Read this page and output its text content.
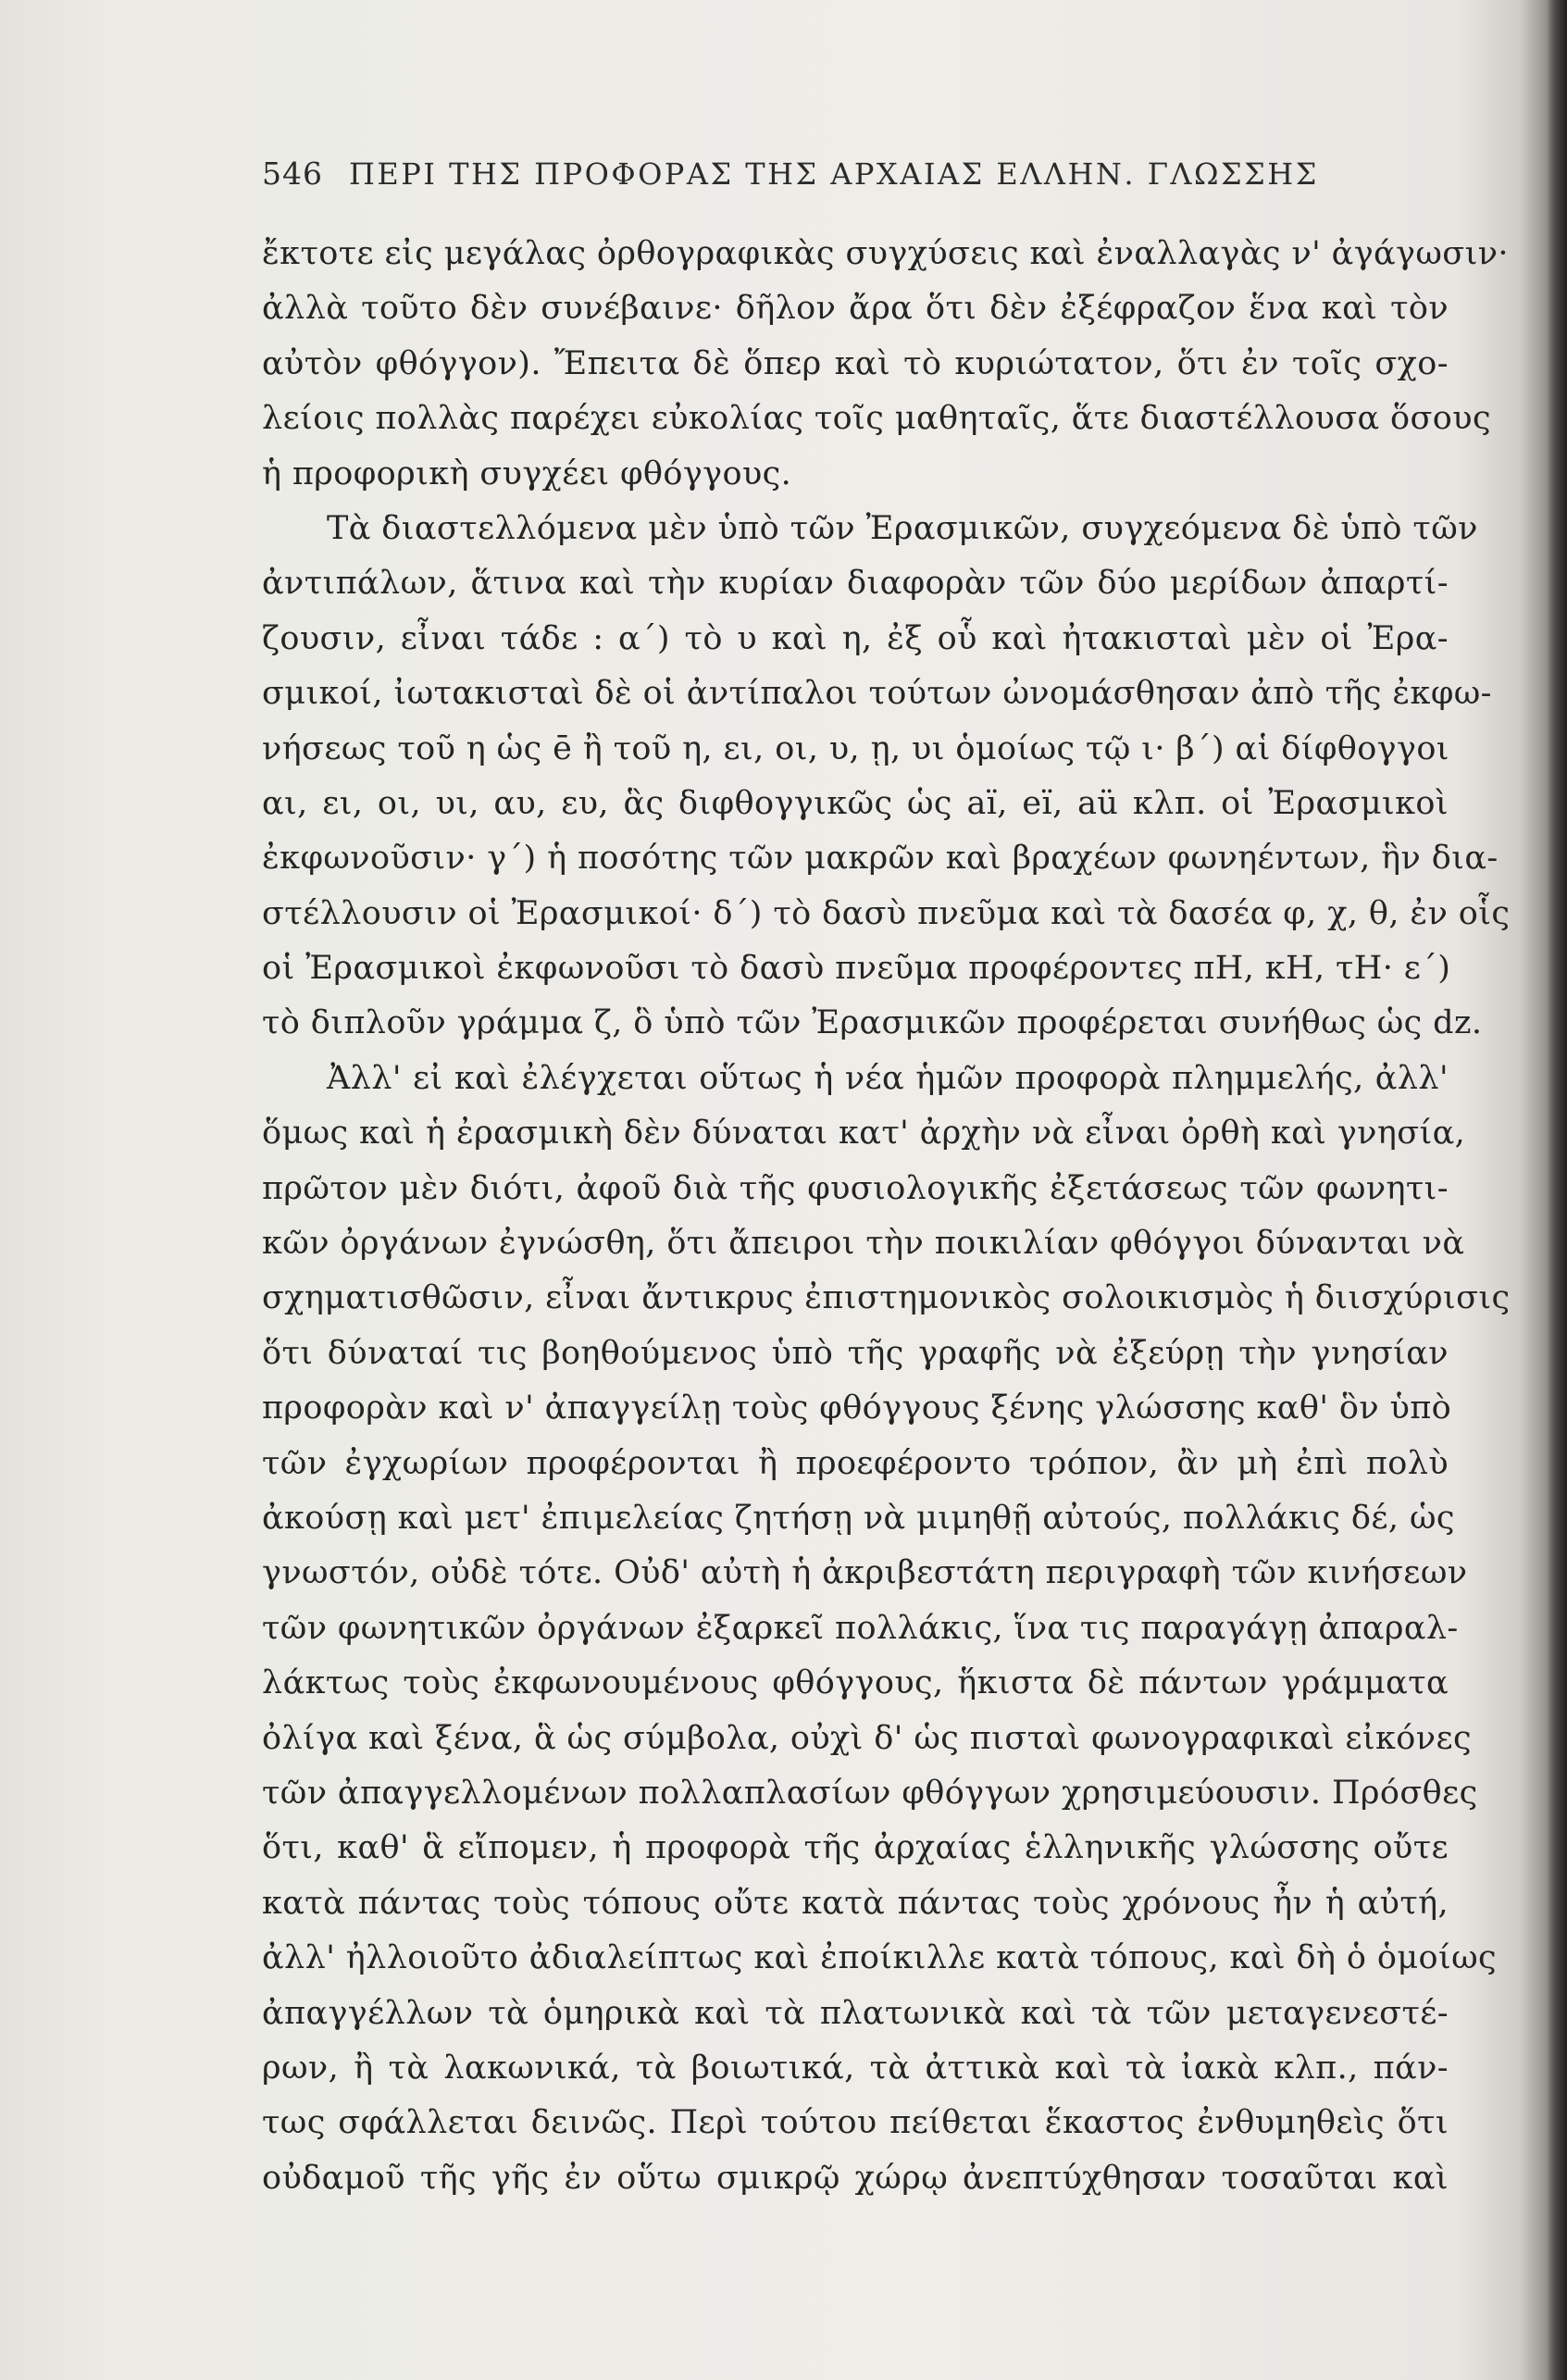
546 ΠΕΡΙ ΤΗΣ ΠΡΟΦΟΡΑΣ ΤΗΣ ΑΡΧΑΙΑΣ ΕΛΛΗΝ. ΓΛΩΣΣΗΣ
ἔκτοτε εἰς μεγάλας ὀρθογραφικὰς συγχύσεις καὶ ἐναλλαγὰς ν' ἀγάγωσιν·
ἀλλὰ τοῦτο δὲν συνέβαινε· δῆλον ἄρα ὅτι δὲν ἐξέφραζον ἕνα καὶ τὸν
αὐτὸν φθόγγον). Ἔπειτα δὲ ὅπερ καὶ τὸ κυριώτατον, ὅτι ἐν τοῖς σχο-
λείοις πολλὰς παρέχει εὐκολίας τοῖς μαθηταῖς, ἅτε διαστέλλουσα ὅσους
ἡ προφορικὴ συγχέει φθόγγους.
Τὰ διαστελλόμενα μὲν ὑπὸ τῶν Ἐρασμικῶν, συγχεόμενα δὲ ὑπὸ τῶν
ἀντιπάλων, ἅτινα καὶ τὴν κυρίαν διαφορὰν τῶν δύο μερίδων ἀπαρτί-
ζουσιν, εἶναι τάδε : α΄) τὸ υ καὶ η, ἐξ οὗ καὶ ἠτακισταὶ μὲν οἱ Ἐρα-
σμικοί, ἰωτακισταὶ δὲ οἱ ἀντίπαλοι τούτων ὠνομάσθησαν ἀπὸ τῆς ἐκφω-
νήσεως τοῦ η ὡς ē ἢ τοῦ η, ει, οι, υ, ῃ, υι ὁμοίως τῷ ι· β΄) αἱ δίφθογγοι
αι, ει, οι, υι, αυ, ευ, ἃς διφθογγικῶς ὡς aï, eï, aü κλπ. οἱ Ἐρασμικοὶ
ἐκφωνοῦσιν· γ΄) ἡ ποσότης τῶν μακρῶν καὶ βραχέων φωνηέντων, ἣν δια-
στέλλουσιν οἱ Ἐρασμικοί· δ΄) τὸ δασὺ πνεῦμα καὶ τὰ δασέα φ, χ, θ, ἐν οἷς
οἱ Ἐρασμικοὶ ἐκφωνοῦσι τὸ δασὺ πνεῦμα προφέροντες πΗ, κΗ, τΗ· ε΄)
τὸ διπλοῦν γράμμα ζ, ὃ ὑπὸ τῶν Ἐρασμικῶν προφέρεται συνήθως ὡς dz.
Ἀλλ' εἰ καὶ ἐλέγχεται οὕτως ἡ νέα ἡμῶν προφορὰ πλημμελής, ἀλλ'
ὅμως καὶ ἡ ἐρασμικὴ δὲν δύναται κατ' ἀρχὴν νὰ εἶναι ὀρθὴ καὶ γνησία,
πρῶτον μὲν διότι, ἀφοῦ διὰ τῆς φυσιολογικῆς ἐξετάσεως τῶν φωνητι-
κῶν ὀργάνων ἐγνώσθη, ὅτι ἄπειροι τὴν ποικιλίαν φθόγγοι δύνανται νὰ
σχηματισθῶσιν, εἶναι ἄντικρυς ἐπιστημονικὸς σολοικισμὸς ἡ διισχύρισις
ὅτι δύναταί τις βοηθούμενος ὑπὸ τῆς γραφῆς νὰ ἐξεύρῃ τὴν γνησίαν
προφορὰν καὶ ν' ἀπαγγείλῃ τοὺς φθόγγους ξένης γλώσσης καθ' ὃν ὑπὸ
τῶν ἐγχωρίων προφέρονται ἢ προεφέροντο τρόπον, ἂν μὴ ἐπὶ πολὺ
ἀκούσῃ καὶ μετ' ἐπιμελείας ζητήσῃ νὰ μιμηθῇ αὐτούς, πολλάκις δέ, ὡς
γνωστόν, οὐδὲ τότε. Οὐδ' αὐτὴ ἡ ἀκριβεστάτη περιγραφὴ τῶν κινήσεων
τῶν φωνητικῶν ὀργάνων ἐξαρκεῖ πολλάκις, ἵνα τις παραγάγῃ ἀπαραλ-
λάκτως τοὺς ἐκφωνουμένους φθόγγους, ἥκιστα δὲ πάντων γράμματα
ὀλίγα καὶ ξένα, ἃ ὡς σύμβολα, οὐχὶ δ' ὡς πισταὶ φωνογραφικαὶ εἰκόνες
τῶν ἀπαγγελλομένων πολλαπλασίων φθόγγων χρησιμεύουσιν. Πρόσθες
ὅτι, καθ' ἃ εἴπομεν, ἡ προφορὰ τῆς ἀρχαίας ἑλληνικῆς γλώσσης οὔτε
κατὰ πάντας τοὺς τόπους οὔτε κατὰ πάντας τοὺς χρόνους ἦν ἡ αὐτή,
ἀλλ' ἠλλοιοῦτο ἀδιαλείπτως καὶ ἐποίκιλλε κατὰ τόπους, καὶ δὴ ὁ ὁμοίως
ἀπαγγέλλων τὰ ὁμηρικὰ καὶ τὰ πλατωνικὰ καὶ τὰ τῶν μεταγενεστέ-
ρων, ἢ τὰ λακωνικά, τὰ βοιωτικά, τὰ ἀττικὰ καὶ τὰ ἰακὰ κλπ., πάν-
τως σφάλλεται δεινῶς. Περὶ τούτου πείθεται ἕκαστος ἐνθυμηθεὶς ὅτι
οὐδαμοῦ τῆς γῆς ἐν οὕτω σμικρῷ χώρῳ ἀνεπτύχθησαν τοσαῦται καὶ
